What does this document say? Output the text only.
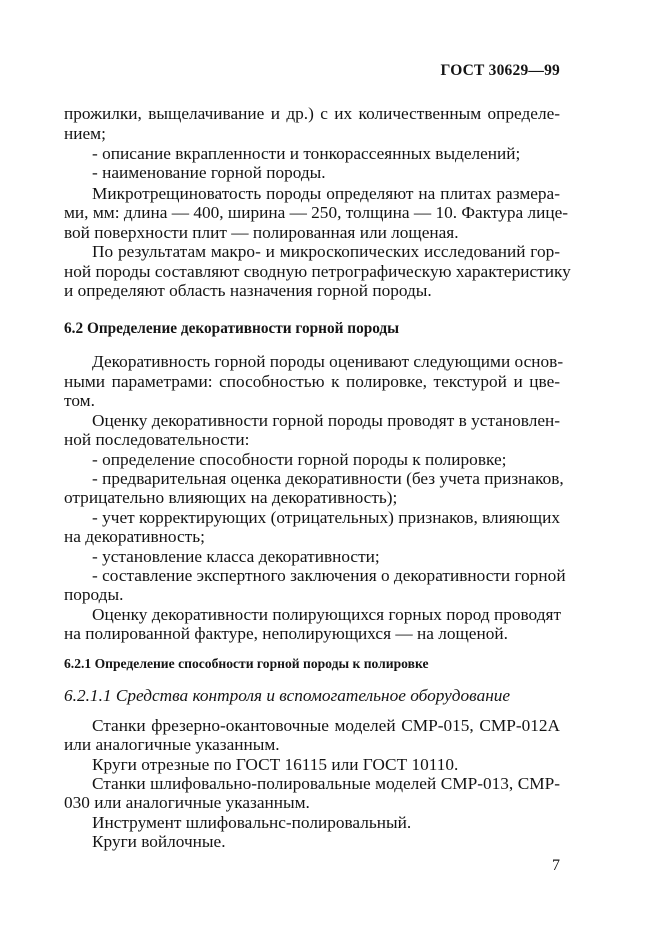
ГОСТ 30629—99
прожилки, выщелачивание и др.) с их количественным определе-
нием;
- описание вкрапленности и тонкорассеянных выделений;
- наименование горной породы.
Микротрещиноватость породы определяют на плитах размера-
ми, мм: длина — 400, ширина — 250, толщина — 10. Фактура лице-
вой поверхности плит — полированная или лощеная.
По результатам макро- и микроскопических исследований гор-
ной породы составляют сводную петрографическую характеристику
и определяют область назначения горной породы.
6.2 Определение декоративности горной породы
Декоративность горной породы оценивают следующими основ-
ными параметрами: способностью к полировке, текстурой и цве-
том.
Оценку декоративности горной породы проводят в установлен-
ной последовательности:
- определение способности горной породы к полировке;
- предварительная оценка декоративности (без учета признаков,
отрицательно влияющих на декоративность);
- учет корректирующих (отрицательных) признаков, влияющих
на декоративность;
- установление класса декоративности;
- составление экспертного заключения о декоративности горной
породы.
Оценку декоративности полирующихся горных пород проводят
на полированной фактуре, неполирующихся — на лощеной.
6.2.1 Определение способности горной породы к полировке
6.2.1.1 Средства контроля и вспомогательное оборудование
Станки фрезерно-окантовочные моделей СМР-015, СМР-012А
или аналогичные указанным.
Круги отрезные по ГОСТ 16115 или ГОСТ 10110.
Станки шлифовально-полировальные моделей СМР-013, СМР-
030 или аналогичные указанным.
Инструмент шлифовальнс-полировальный.
Круги войлочные.
7
